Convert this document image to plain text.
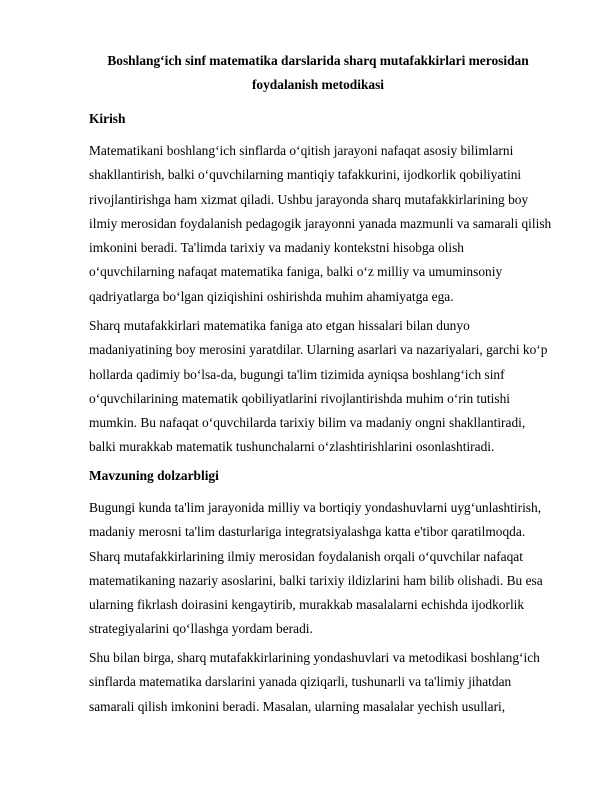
Boshlang‘ich sinf matematika darslarida sharq mutafakkirlari merosidan
foydalanish metodikasi
Kirish

Matematikani boshlang‘ich sinflarda o‘qitish jarayoni nafaqat asosiy bilimlarni
shakllantirish, balki o‘quvchilarning mantiqiy tafakkurini, ijodkorlik qobiliyatini
rivojlantirishga ham xizmat qiladi. Ushbu jarayonda sharq mutafakkirlarining boy
ilmiy merosidan foydalanish pedagogik jarayonni yanada mazmunli va samarali qilish
imkonini beradi. Ta'limda tarixiy va madaniy kontekstni hisobga olish
o‘quvchilarning nafaqat matematika faniga, balki o‘z milliy va umuminsoniy
qadriyatlarga bo‘lgan qiziqishini oshirishda muhim ahamiyatga ega.

Sharq mutafakkirlari matematika faniga ato etgan hissalari bilan dunyo
madaniyatining boy merosini yaratdilar. Ularning asarlari va nazariyalari, garchi ko‘p
hollarda qadimiy bo‘lsa-da, bugungi ta'lim tizimida ayniqsa boshlang‘ich sinf
o‘quvchilarining matematik qobiliyatlarini rivojlantirishda muhim o‘rin tutishi
mumkin. Bu nafaqat o‘quvchilarda tarixiy bilim va madaniy ongni shakllantiradi,
balki murakkab matematik tushunchalarni o‘zlashtirishlarini osonlashtiradi.

Mavzuning dolzarbligi

Bugungi kunda ta'lim jarayonida milliy va bortiqiy yondashuvlarni uyg‘unlashtirish,
madaniy merosni ta'lim dasturlariga integratsiyalashga katta e'tibor qaratilmoqda.
Sharq mutafakkirlarining ilmiy merosidan foydalanish orqali o‘quvchilar nafaqat
matematikaning nazariy asoslarini, balki tarixiy ildizlarini ham bilib olishadi. Bu esa
ularning fikrlash doirasini kengaytirib, murakkab masalalarni echishda ijodkorlik
strategiyalarini qo‘llashga yordam beradi.

Shu bilan birga, sharq mutafakkirlarining yondashuvlari va metodikasi boshlang‘ich
sinflarda matematika darslarini yanada qiziqarli, tushunarli va ta'limiy jihatdan
samarali qilish imkonini beradi. Masalan, ularning masalalar yechish usullari,
